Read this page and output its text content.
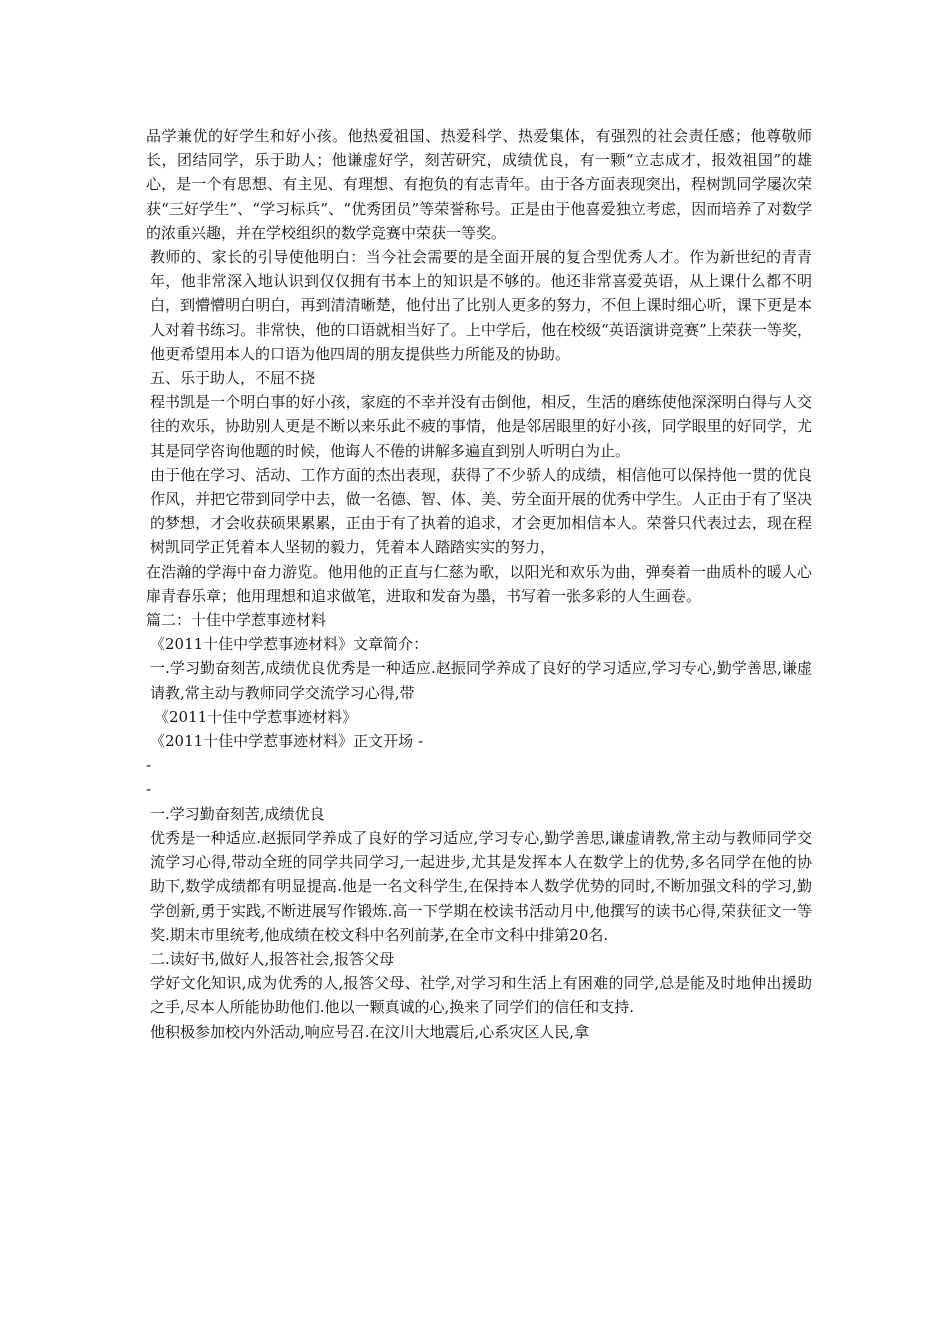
品学兼优的好学生和好小孩。他热爱祖国、热爱科学、热爱集体，有强烈的社会责任感；他尊敬师长，团结同学，乐于助人；他谦虚好学，刻苦研究，成绩优良，有一颗“立志成才，报效祖国”的雄心，是一个有思想、有主见、有理想、有抱负的有志青年。由于各方面表现突出，程树凯同学屡次荣获“三好学生”、“学习标兵”、“优秀团员”等荣誉称号。正是由于他喜爱独立考虑，因而培养了对数学的浓重兴趣，并在学校组织的数学竞赛中荣获一等奖。

教师的、家长的引导使他明白：当今社会需要的是全面开展的复合型优秀人才。作为新世纪的青青年，他非常深入地认识到仅仅拥有书本上的知识是不够的。他还非常喜爱英语，从上课什么都不明白，到懵懵明白明白，再到清清晰楚，他付出了比别人更多的努力，不但上课时细心听，课下更是本人对着书练习。非常快，他的口语就相当好了。上中学后，他在校级“英语演讲竞赛”上荣获一等奖，他更希望用本人的口语为他四周的朋友提供些力所能及的协助。

五、乐于助人，不屈不挠

程书凯是一个明白事的好小孩，家庭的不幸并没有击倒他，相反，生活的磨练使他深深明白得与人交往的欢乐，协助别人更是不断以来乐此不疲的事情，他是邻居眼里的好小孩，同学眼里的好同学，尤其是同学咨询他题的时候，他诲人不倦的讲解多遍直到别人听明白为止。

由于他在学习、活动、工作方面的杰出表现，获得了不少骄人的成绩，相信他可以保持他一贯的优良作风，并把它带到同学中去，做一名德、智、体、美、劳全面开展的优秀中学生。人正由于有了坚决的梦想，才会收获硕果累累，正由于有了执着的追求，才会更加相信本人。荣誉只代表过去，现在程树凯同学正凭着本人坚韧的毅力，凭着本人踏踏实实的努力，

在浩瀚的学海中奋力游览。他用他的正直与仁慈为歌，以阳光和欢乐为曲，弹奏着一曲质朴的暖人心扉青春乐章；他用理想和追求做笔，进取和发奋为墨，书写着一张多彩的人生画卷。

篇二：十佳中学惹事迹材料

《2011十佳中学惹事迹材料》文章简介：

一.学习勤奋刻苦,成绩优良优秀是一种适应.赵振同学养成了良好的学习适应,学习专心,勤学善思,谦虚请教,常主动与教师同学交流学习心得,带

《2011十佳中学惹事迹材料》

《2011十佳中学惹事迹材料》正文开场 -

-

-

一.学习勤奋刻苦,成绩优良

优秀是一种适应.赵振同学养成了良好的学习适应,学习专心,勤学善思,谦虚请教,常主动与教师同学交流学习心得,带动全班的同学共同学习,一起进步,尤其是发挥本人在数学上的优势,多名同学在他的协助下,数学成绩都有明显提高.他是一名文科学生,在保持本人数学优势的同时,不断加强文科的学习,勤学创新,勇于实践,不断进展写作锻炼.高一下学期在校读书活动月中,他撰写的读书心得,荣获征文一等奖.期末市里统考,他成绩在校文科中名列前茅,在全市文科中排第20名.

二.读好书,做好人,报答社会,报答父母

学好文化知识,成为优秀的人,报答父母、社学,对学习和生活上有困难的同学,总是能及时地伸出援助之手,尽本人所能协助他们.他以一颗真诚的心,换来了同学们的信任和支持.

他积极参加校内外活动,响应号召.在汶川大地震后,心系灾区人民,拿
